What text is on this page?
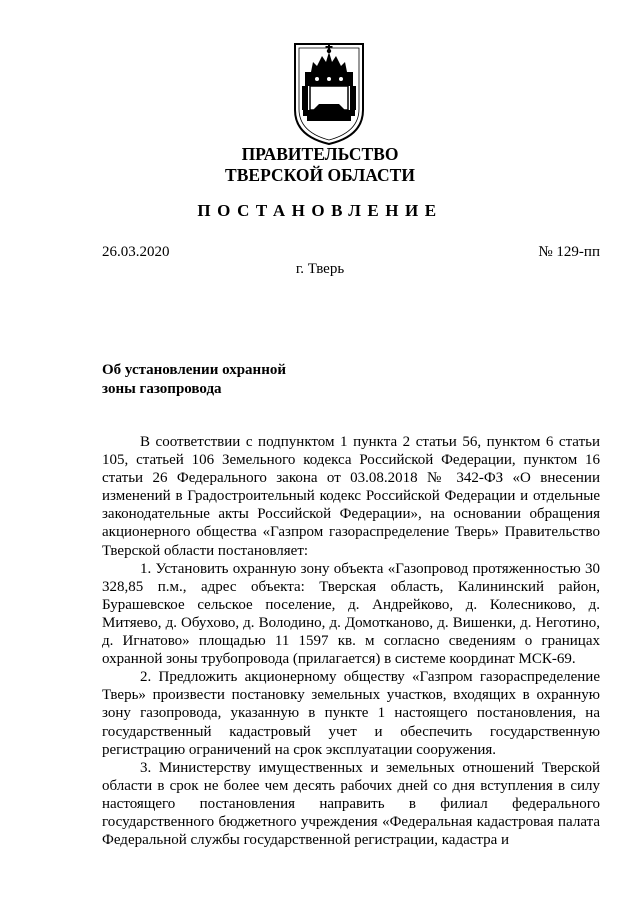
ПРАВИТЕЛЬСТВО
ТВЕРСКОЙ ОБЛАСТИ
ПОСТАНОВЛЕНИЕ
26.03.2020	№ 129-пп
г. Тверь
Об установлении охранной
зоны газопровода

В соответствии с подпунктом 1 пункта 2 статьи 56, пунктом 6 статьи 105, статьей 106 Земельного кодекса Российской Федерации, пунктом 16 статьи 26 Федерального закона от 03.08.2018 № 342-ФЗ «О внесении изменений в Градостроительный кодекс Российской Федерации и отдельные законодательные акты Российской Федерации», на основании обращения акционерного общества «Газпром газораспределение Тверь» Правительство Тверской области постановляет:

1. Установить охранную зону объекта «Газопровод протяженностью 30 328,85 п.м., адрес объекта: Тверская область, Калининский район, Бурашевское сельское поселение, д. Андрейково, д. Колесниково, д. Митяево, д. Обухово, д. Володино, д. Домотканово, д. Вишенки, д. Неготино, д. Игнатово» площадью 11 1597 кв. м согласно сведениям о границах охранной зоны трубопровода (прилагается) в системе координат МСК-69.

2. Предложить акционерному обществу «Газпром газораспределение Тверь» произвести постановку земельных участков, входящих в охранную зону газопровода, указанную в пункте 1 настоящего постановления, на государственный кадастровый учет и обеспечить государственную регистрацию ограничений на срок эксплуатации сооружения.

3. Министерству имущественных и земельных отношений Тверской области в срок не более чем десять рабочих дней со дня вступления в силу настоящего постановления направить в филиал федерального государственного бюджетного учреждения «Федеральная кадастровая палата Федеральной службы государственной регистрации, кадастра и
